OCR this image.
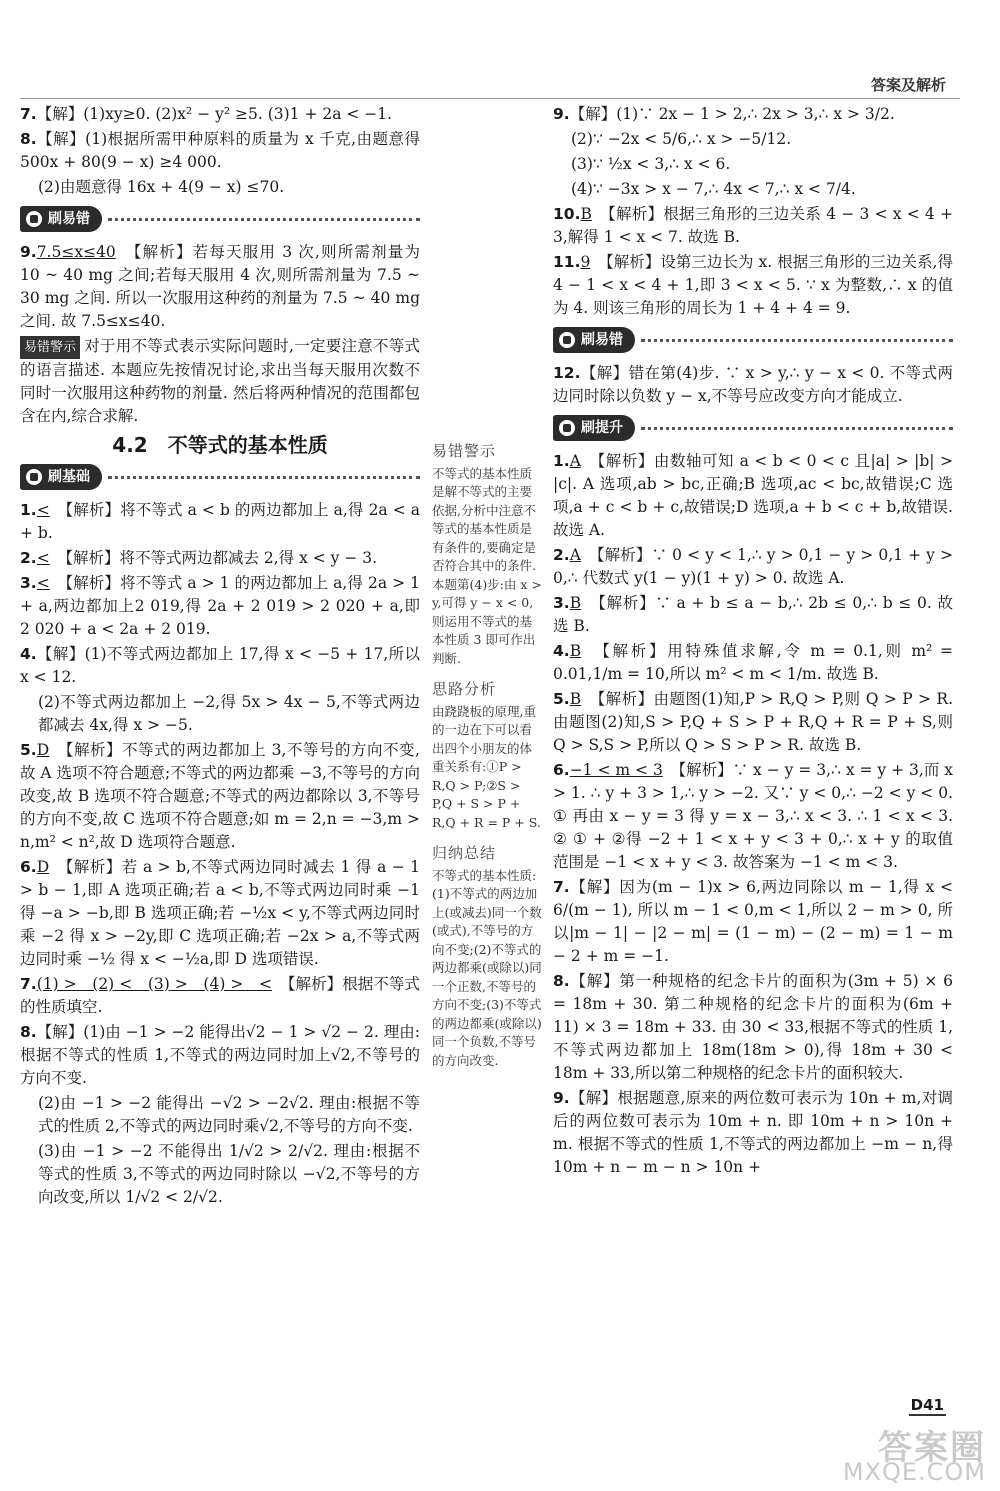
答案及解析

7.【解】(1)xy≥0. (2)x² − y² ≥5. (3)1 + 2a < −1.

8.【解】(1)根据所需甲种原料的质量为 x 千克,由题意得 500x + 80(9 − x) ≥4 000.

(2)由题意得 16x + 4(9 − x) ≤70.

刷易错

9.7.5≤x≤40　 【解析】若每天服用 3 次,则所需剂量为 10 ~ 40 mg 之间;若每天服用 4 次,则所需剂量为 7.5 ~ 30 mg 之间. 所以一次服用这种药的剂量为 7.5 ~ 40 mg 之间. 故 7.5≤x≤40.

易错警示 对于用不等式表示实际问题时,一定要注意不等式的语言描述. 本题应先按情况讨论,求出当每天服用次数不同时一次服用这种药物的剂量. 然后将两种情况的范围都包含在内,综合求解.

4.2　不等式的基本性质
刷基础

1.<　 【解析】将不等式 a < b 的两边都加上 a,得 2a < a + b.

2.<　 【解析】将不等式两边都减去 2,得 x < y − 3.

3.<　 【解析】将不等式 a > 1 的两边都加上 a,得 2a > 1 + a,两边都加上2 019,得 2a + 2 019 > 2 020 + a,即 2 020 + a < 2a + 2 019.

4.【解】(1)不等式两边都加上 17,得 x < −5 + 17,所以 x < 12.

(2)不等式两边都加上 −2,得 5x > 4x − 5,不等式两边都减去 4x,得 x > −5.

5.D　 【解析】不等式的两边都加上 3,不等号的方向不变,故 A 选项不符合题意;不等式的两边都乘 −3,不等号的方向改变,故 B 选项不符合题意;不等式的两边都除以 3,不等号的方向不变,故 C 选项不符合题意;如 m = 2,n = −3,m > n,m² < n²,故 D 选项符合题意.

6.D　 【解析】若 a > b,不等式两边同时减去 1 得 a − 1 > b − 1,即 A 选项正确;若 a < b,不等式两边同时乘 −1 得 −a > −b,即 B 选项正确;若 −½x < y,不等式两边同时乘 −2 得 x > −2y,即 C 选项正确;若 −2x > a,不等式两边同时乘 −½ 得 x < −½a,即 D 选项错误.

7.(1) >　(2) <　(3) >　(4) >　<　 【解析】根据不等式的性质填空.

8.【解】(1)由 −1 > −2 能得出√2 − 1 > √2 − 2. 理由:根据不等式的性质 1,不等式的两边同时加上√2,不等号的方向不变.

(2)由 −1 > −2 能得出 −√2 > −2√2. 理由:根据不等式的性质 2,不等式的两边同时乘√2,不等号的方向不变.

(3)由 −1 > −2 不能得出 1/√2 > 2/√2. 理由:根据不等式的性质 3,不等式的两边同时除以 −√2,不等号的方向改变,所以 1/√2 < 2/√2.

易错警示

不等式的基本性质是解不等式的主要依据,分析中注意不等式的基本性质是有条件的,要确定是否符合其中的条件. 本题第(4)步:由 x > y,可得 y − x < 0,则运用不等式的基本性质 3 即可作出判断.

思路分析

由跷跷板的原理,重的一边在下可以看出四个小朋友的体重关系有:①P > R,Q > P;②S > P,Q + S > P + R,Q + R = P + S.

归纳总结

不等式的基本性质:(1)不等式的两边加上(或减去)同一个数(或式),不等号的方向不变;(2)不等式的两边都乘(或除以)同一个正数,不等号的方向不变;(3)不等式的两边都乘(或除以)同一个负数,不等号的方向改变.

9.【解】(1)∵ 2x − 1 > 2,∴ 2x > 3,∴ x > 3/2.

(2)∵ −2x < 5/6,∴ x > −5/12.

(3)∵ ½x < 3,∴ x < 6.

(4)∵ −3x > x − 7,∴ 4x < 7,∴ x < 7/4.

10.B　 【解析】根据三角形的三边关系 4 − 3 < x < 4 + 3,解得 1 < x < 7. 故选 B.

11.9　 【解析】设第三边长为 x. 根据三角形的三边关系,得 4 − 1 < x < 4 + 1,即 3 < x < 5. ∵ x 为整数,∴ x 的值为 4. 则该三角形的周长为 1 + 4 + 4 = 9.

刷易错

12.【解】错在第(4)步. ∵ x > y,∴ y − x < 0. 不等式两边同时除以负数 y − x,不等号应改变方向才能成立.

刷提升

1.A　 【解析】由数轴可知 a < b < 0 < c 且|a| > |b| > |c|. A 选项,ab > bc,正确;B 选项,ac < bc,故错误;C 选项,a + c < b + c,故错误;D 选项,a + b < c + b,故错误. 故选 A.

2.A　 【解析】∵ 0 < y < 1,∴ y > 0,1 − y > 0,1 + y > 0,∴ 代数式 y(1 − y)(1 + y) > 0. 故选 A.

3.B　 【解析】∵ a + b ≤ a − b,∴ 2b ≤ 0,∴ b ≤ 0. 故选 B.

4.B　 【解析】用特殊值求解,令 m = 0.1,则 m² = 0.01,1/m = 10,所以 m² < m < 1/m. 故选 B.

5.B　 【解析】由题图(1)知,P > R,Q > P,则 Q > P > R. 由题图(2)知,S > P,Q + S > P + R,Q + R = P + S,则 Q > S,S > P,所以 Q > S > P > R. 故选 B.

6.−1 < m < 3　 【解析】∵ x − y = 3,∴ x = y + 3,而 x > 1. ∴ y + 3 > 1,∴ y > −2. 又∵ y < 0,∴ −2 < y < 0. ① 再由 x − y = 3 得 y = x − 3,∴ x < 3. ∴ 1 < x < 3. ② ① + ②得 −2 + 1 < x + y < 3 + 0,∴ x + y 的取值范围是 −1 < x + y < 3. 故答案为 −1 < m < 3.

7.【解】因为(m − 1)x > 6,两边同除以 m − 1,得 x < 6/(m − 1), 所以 m − 1 < 0,m < 1,所以 2 − m > 0, 所以|m − 1| − |2 − m| = (1 − m) − (2 − m) = 1 − m − 2 + m = −1.

8.【解】第一种规格的纪念卡片的面积为(3m + 5) × 6 = 18m + 30. 第二种规格的纪念卡片的面积为(6m + 11) × 3 = 18m + 33. 由 30 < 33,根据不等式的性质 1,不等式两边都加上 18m(18m > 0),得 18m + 30 < 18m + 33,所以第二种规格的纪念卡片的面积较大.

9.【解】根据题意,原来的两位数可表示为 10n + m,对调后的两位数可表示为 10m + n. 即 10m + n > 10n + m. 根据不等式的性质 1,不等式的两边都加上 −m − n,得 10m + n − m − n > 10n +

D41
答案圈
MXQE.COM
